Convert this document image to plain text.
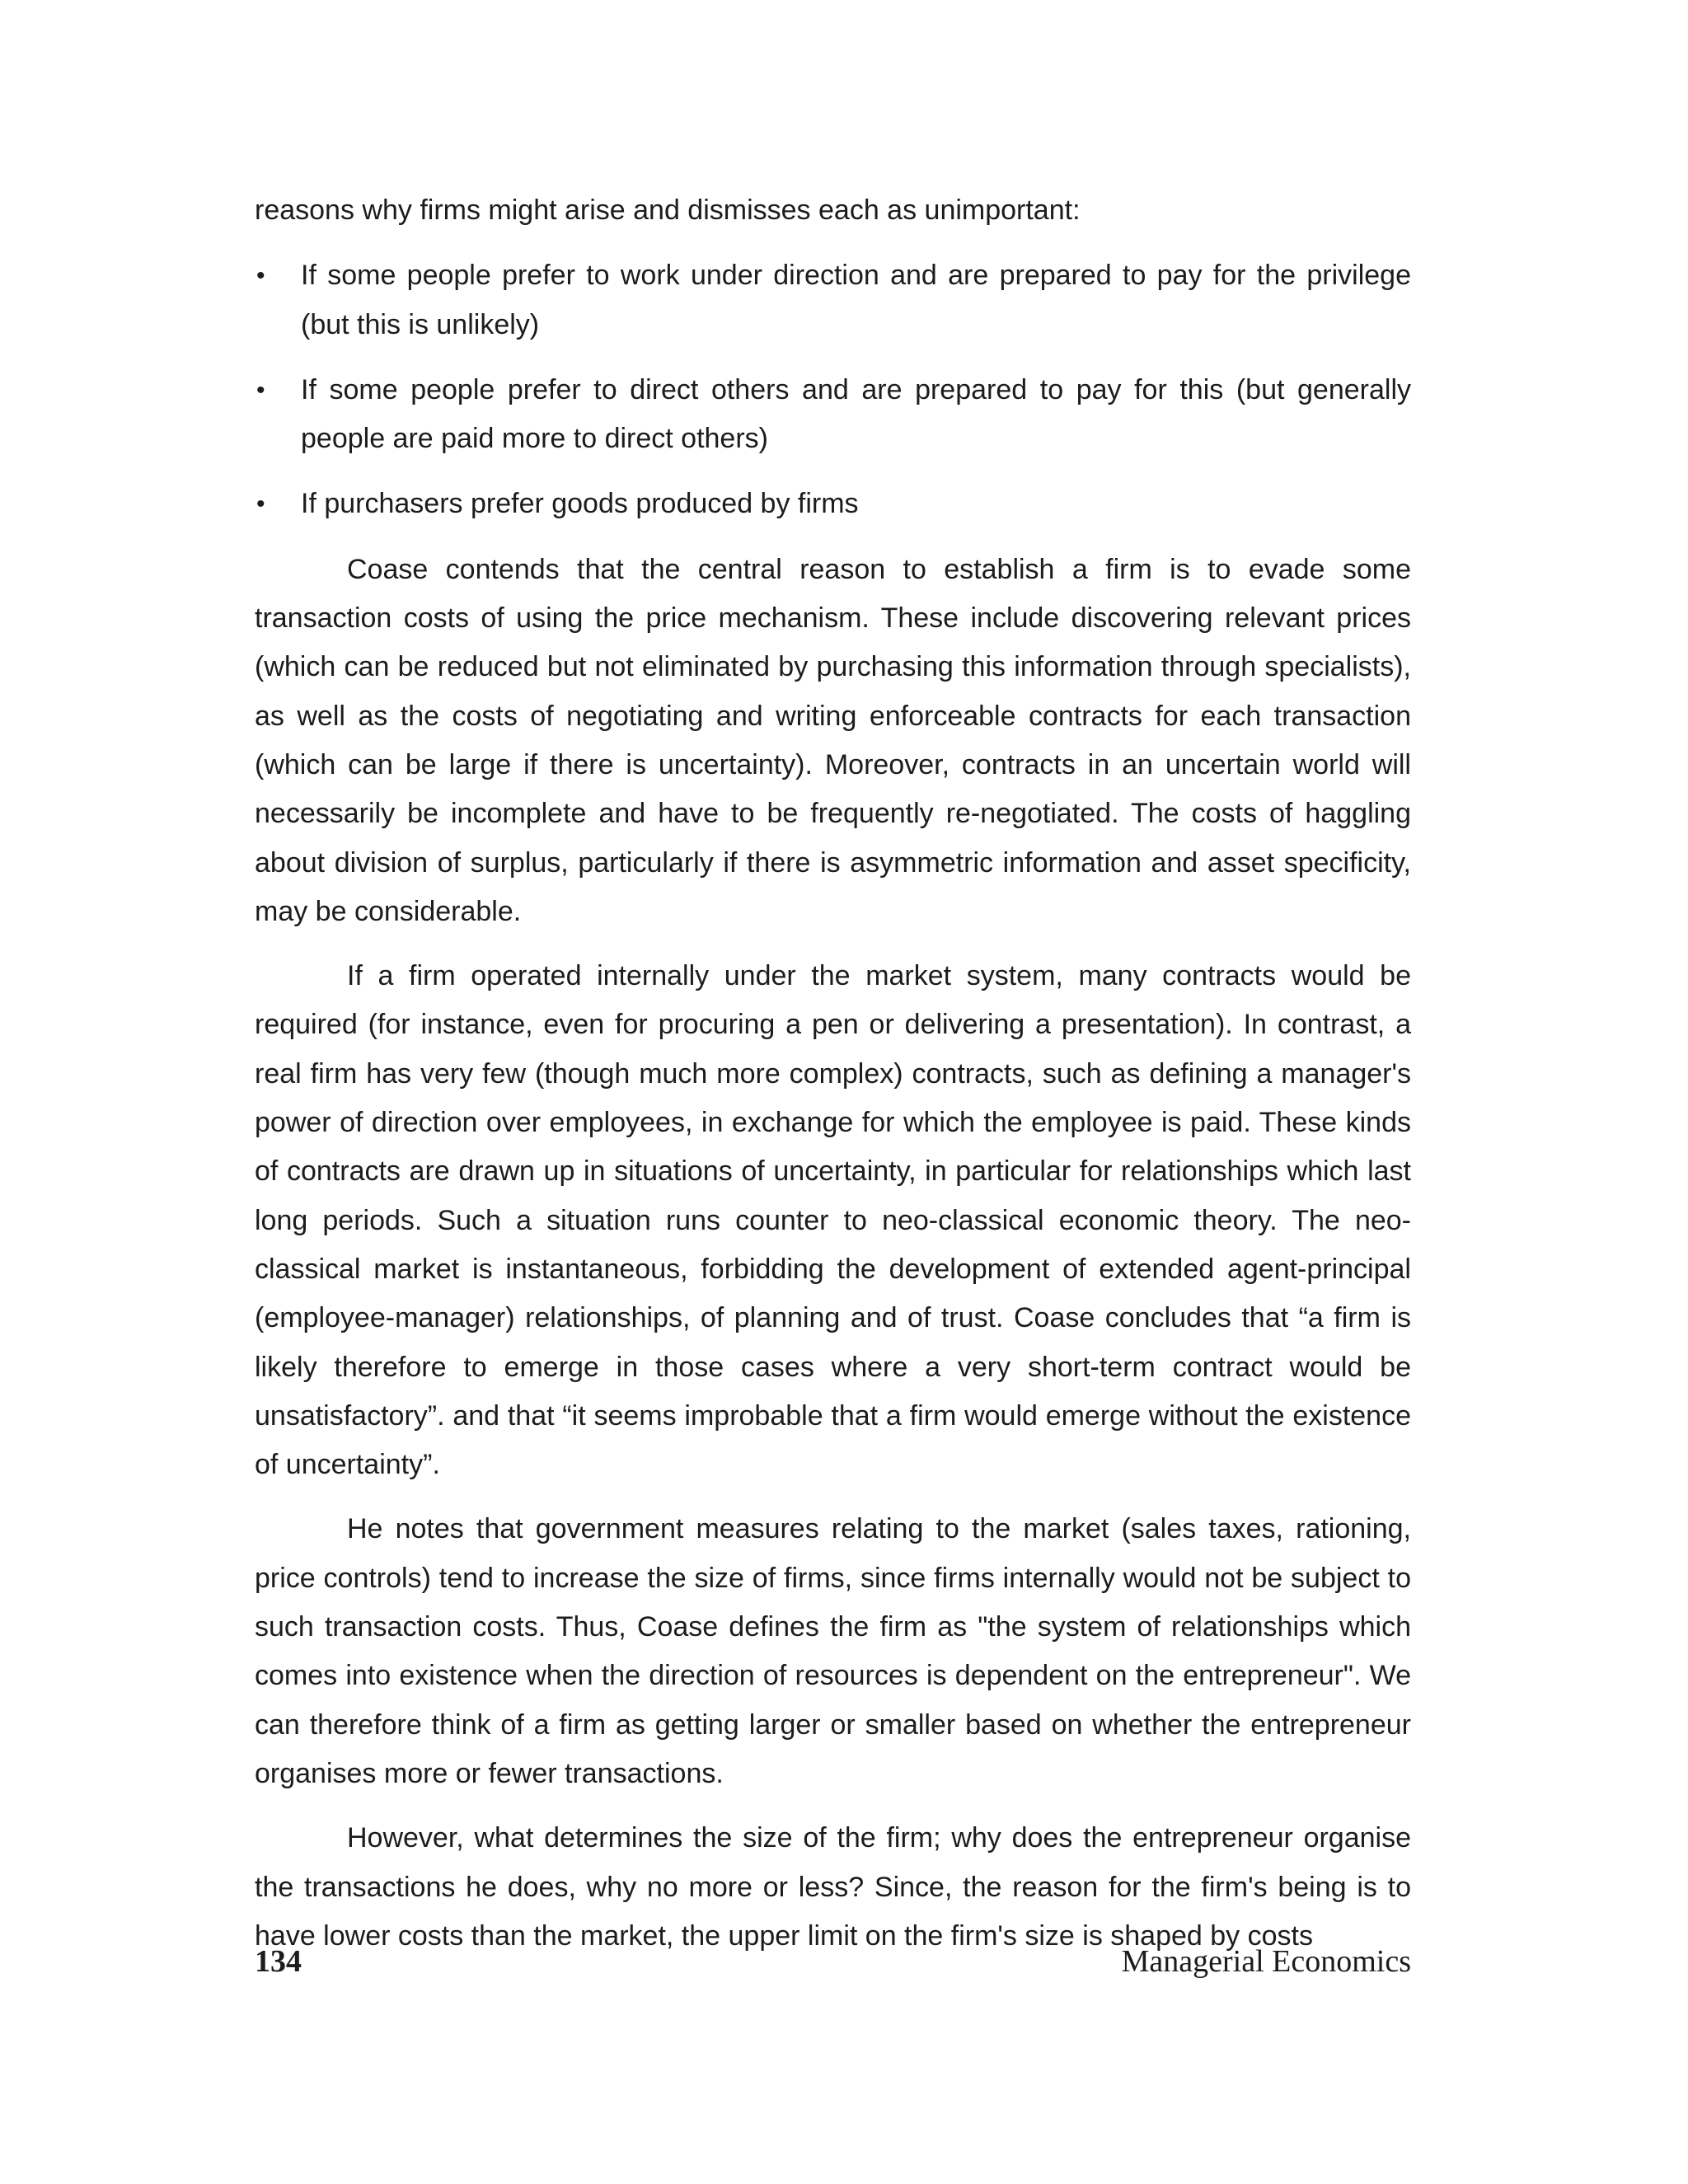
reasons why firms might arise and dismisses each as unimportant:

• If some people prefer to work under direction and are prepared to pay for the privilege (but this is unlikely)
• If some people prefer to direct others and are prepared to pay for this (but generally people are paid more to direct others)
• If purchasers prefer goods produced by firms

Coase contends that the central reason to establish a firm is to evade some transaction costs of using the price mechanism. These include discovering relevant prices (which can be reduced but not eliminated by purchasing this information through specialists), as well as the costs of negotiating and writing enforceable contracts for each transaction (which can be large if there is uncertainty). Moreover, contracts in an uncertain world will necessarily be incomplete and have to be frequently re-negotiated. The costs of haggling about division of surplus, particularly if there is asymmetric information and asset specificity, may be considerable.

If a firm operated internally under the market system, many contracts would be required (for instance, even for procuring a pen or delivering a presentation). In contrast, a real firm has very few (though much more complex) contracts, such as defining a manager's power of direction over employees, in exchange for which the employee is paid. These kinds of contracts are drawn up in situations of uncertainty, in particular for relationships which last long periods. Such a situation runs counter to neo-classical economic theory. The neo-classical market is instantaneous, forbidding the development of extended agent-principal (employee-manager) relationships, of planning and of trust. Coase concludes that “a firm is likely therefore to emerge in those cases where a very short-term contract would be unsatisfactory”. and that “it seems improbable that a firm would emerge without the existence of uncertainty”.

He notes that government measures relating to the market (sales taxes, rationing, price controls) tend to increase the size of firms, since firms internally would not be subject to such transaction costs. Thus, Coase defines the firm as "the system of relationships which comes into existence when the direction of resources is dependent on the entrepreneur". We can therefore think of a firm as getting larger or smaller based on whether the entrepreneur organises more or fewer transactions.

However, what determines the size of the firm; why does the entrepreneur organise the transactions he does, why no more or less? Since, the reason for the firm's being is to have lower costs than the market, the upper limit on the firm's size is shaped by costs

134	Managerial Economics
